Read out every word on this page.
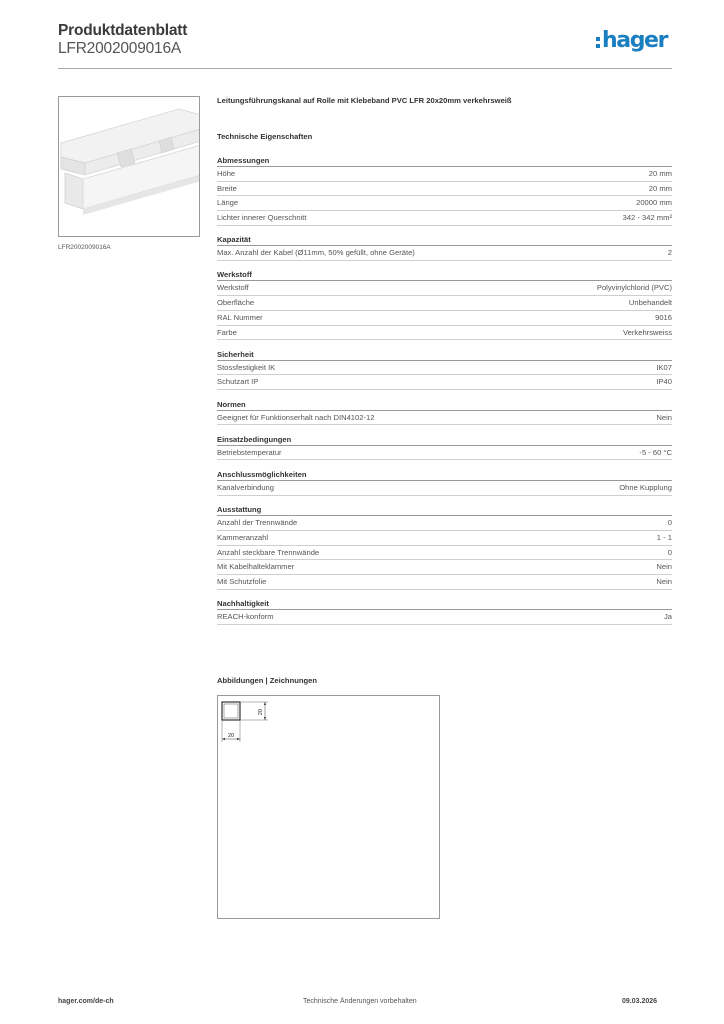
Produktdatenblatt
LFR2002009016A	hager
LFR2002009016A
Leitungsführungskanal auf Rolle mit Klebeband PVC LFR 20x20mm verkehrsweiß
Technische Eigenschaften
Abmessungen
Höhe	20 mm
Breite	20 mm
Länge	20000 mm
Lichter innerer Querschnitt	342 - 342 mm²
Kapazität
Max. Anzahl der Kabel (Ø11mm, 50% gefüllt, ohne Geräte)	2
Werkstoff
Werkstoff	Polyvinylchlorid (PVC)
Oberfläche	Unbehandelt
RAL Nummer	9016
Farbe	Verkehrsweiss
Sicherheit
Stossfestigkeit IK	IK07
Schutzart IP	IP40
Normen
Geeignet für Funktionserhalt nach DIN4102-12	Nein
Einsatzbedingungen
Betriebstemperatur	-5 - 60 °C
Anschlussmöglichkeiten
Kanalverbindung	Ohne Kupplung
Ausstattung
Anzahl der Trennwände	0
Kammeranzahl	1 - 1
Anzahl steckbare Trennwände	0
Mit Kabelhalteklammer	Nein
Mit Schutzfolie	Nein
Nachhaltigkeit
REACH-konform	Ja
Abbildungen | Zeichnungen
20
20
hager.com/de-ch	Technische Änderungen vorbehalten	09.03.2026
